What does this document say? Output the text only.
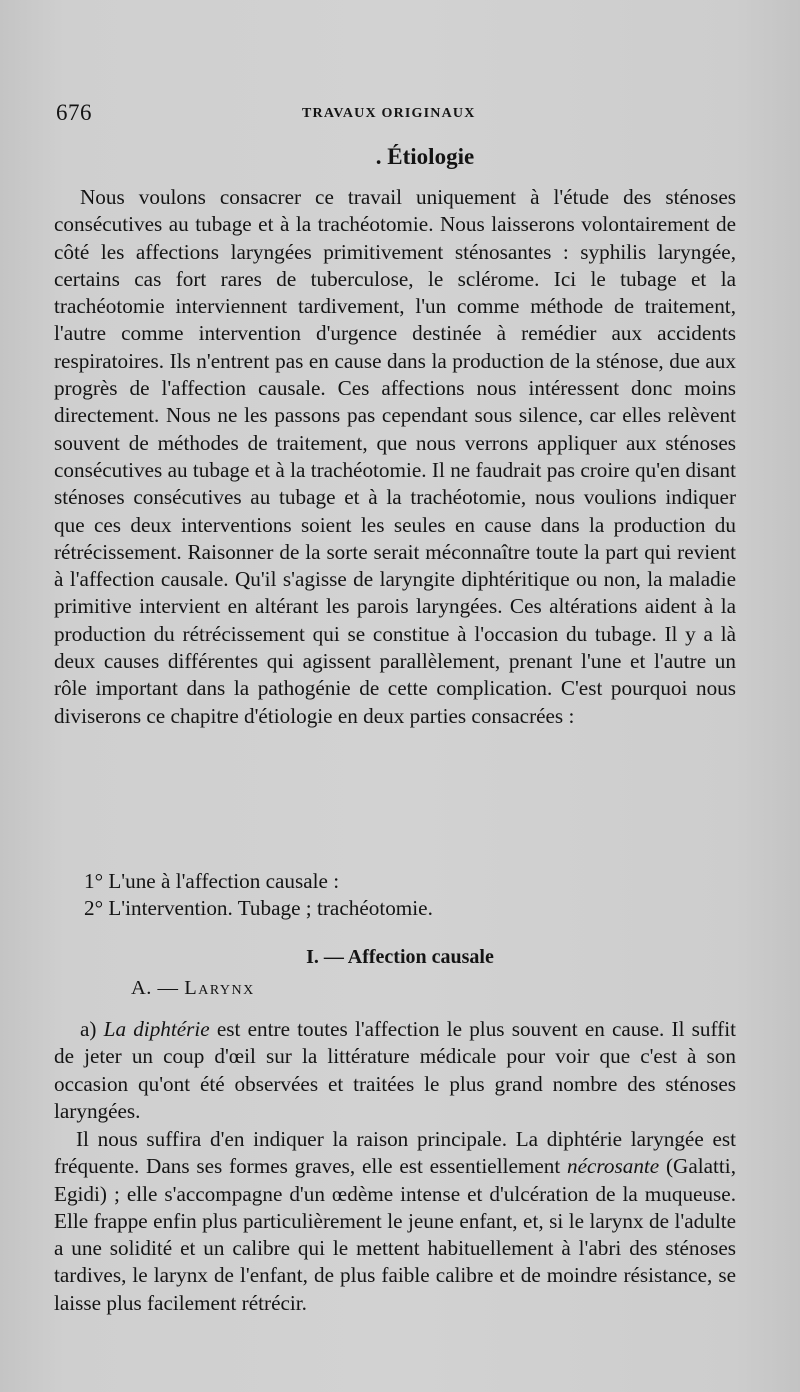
676	TRAVAUX ORIGINAUX
. Étiologie

Nous voulons consacrer ce travail uniquement à l'étude des sténoses consécutives au tubage et à la trachéotomie. Nous laisserons volontairement de côté les affections laryngées primitivement sténosantes : syphilis laryngée, certains cas fort rares de tuberculose, le sclérome. Ici le tubage et la trachéotomie interviennent tardivement, l'un comme méthode de traitement, l'autre comme intervention d'urgence destinée à remédier aux accidents respiratoires. Ils n'entrent pas en cause dans la production de la sténose, due aux progrès de l'affection causale. Ces affections nous intéressent donc moins directement. Nous ne les passons pas cependant sous silence, car elles relèvent souvent de méthodes de traitement, que nous verrons appliquer aux sténoses consécutives au tubage et à la trachéotomie. Il ne faudrait pas croire qu'en disant sténoses consécutives au tubage et à la trachéotomie, nous voulions indiquer que ces deux interventions soient les seules en cause dans la production du rétrécissement. Raisonner de la sorte serait méconnaître toute la part qui revient à l'affection causale. Qu'il s'agisse de laryngite diphtéritique ou non, la maladie primitive intervient en altérant les parois laryngées. Ces altérations aident à la production du rétrécissement qui se constitue à l'occasion du tubage. Il y a là deux causes différentes qui agissent parallèlement, prenant l'une et l'autre un rôle important dans la pathogénie de cette complication. C'est pourquoi nous diviserons ce chapitre d'étiologie en deux parties consacrées :

1° L'une à l'affection causale :
2° L'intervention. Tubage ; trachéotomie.
I. — Affection causale
A. — Larynx

a) La diphtérie est entre toutes l'affection le plus souvent en cause. Il suffit de jeter un coup d'œil sur la littérature médicale pour voir que c'est à son occasion qu'ont été observées et traitées le plus grand nombre des sténoses laryngées.

Il nous suffira d'en indiquer la raison principale. La diphtérie laryngée est fréquente. Dans ses formes graves, elle est essentiellement nécrosante (Galatti, Egidi) ; elle s'accompagne d'un œdème intense et d'ulcération de la muqueuse. Elle frappe enfin plus particulièrement le jeune enfant, et, si le larynx de l'adulte a une solidité et un calibre qui le mettent habituellement à l'abri des sténoses tardives, le larynx de l'enfant, de plus faible calibre et de moindre résistance, se laisse plus facilement rétrécir.
